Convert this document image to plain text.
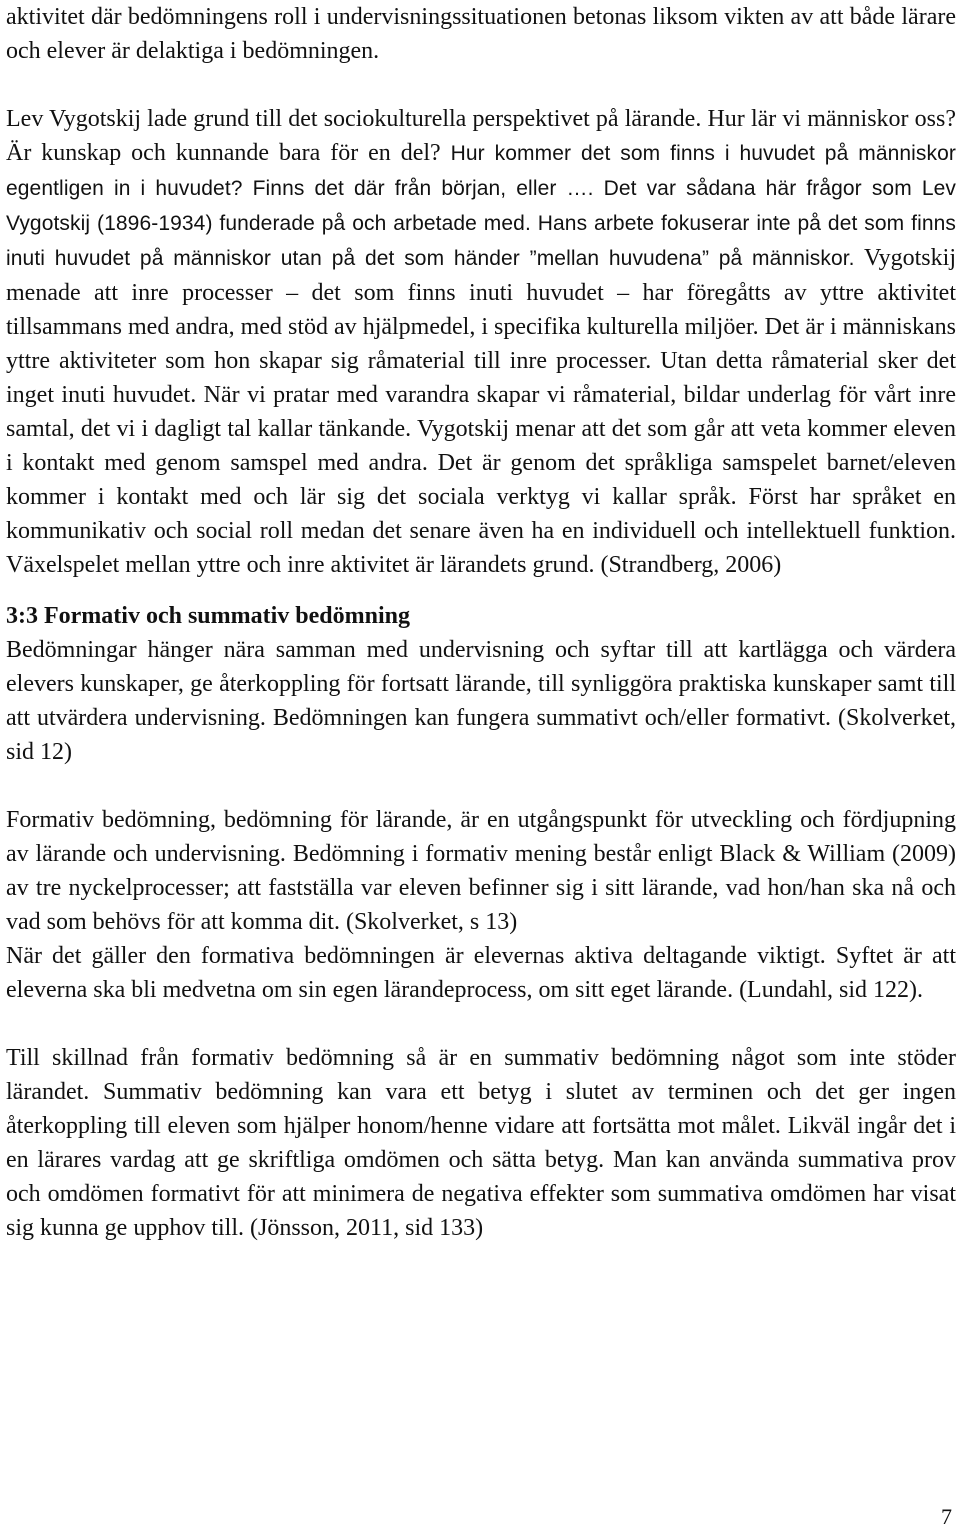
aktivitet där bedömningens roll i undervisningssituationen betonas liksom vikten av att både lärare och elever är delaktiga i bedömningen.

Lev Vygotskij lade grund till det sociokulturella perspektivet på lärande. Hur lär vi människor oss? Är kunskap och kunnande bara för en del? Hur kommer det som finns i huvudet på människor egentligen in i huvudet? Finns det där från början, eller …. Det var sådana här frågor som Lev Vygotskij (1896-1934) funderade på och arbetade med. Hans arbete fokuserar inte på det som finns inuti huvudet på människor utan på det som händer ”mellan huvudena” på människor. Vygotskij menade att inre processer – det som finns inuti huvudet – har föregåtts av yttre aktivitet tillsammans med andra, med stöd av hjälpmedel, i specifika kulturella miljöer. Det är i människans yttre aktiviteter som hon skapar sig råmaterial till inre processer. Utan detta råmaterial sker det inget inuti huvudet. När vi pratar med varandra skapar vi råmaterial, bildar underlag för vårt inre samtal, det vi i dagligt tal kallar tänkande. Vygotskij menar att det som går att veta kommer eleven i kontakt med genom samspel med andra. Det är genom det språkliga samspelet barnet/eleven kommer i kontakt med och lär sig det sociala verktyg vi kallar språk. Först har språket en kommunikativ och social roll medan det senare även ha en individuell och intellektuell funktion. Växelspelet mellan yttre och inre aktivitet är lärandets grund. (Strandberg, 2006)

3:3 Formativ och summativ bedömning

Bedömningar hänger nära samman med undervisning och syftar till att kartlägga och värdera elevers kunskaper, ge återkoppling för fortsatt lärande, till synliggöra praktiska kunskaper samt till att utvärdera undervisning. Bedömningen kan fungera summativt och/eller formativt. (Skolverket, sid 12)

Formativ bedömning, bedömning för lärande, är en utgångspunkt för utveckling och fördjupning av lärande och undervisning. Bedömning i formativ mening består enligt Black & William (2009) av tre nyckelprocesser; att fastställa var eleven befinner sig i sitt lärande, vad hon/han ska nå och vad som behövs för att komma dit. (Skolverket, s 13)

När det gäller den formativa bedömningen är elevernas aktiva deltagande viktigt. Syftet är att eleverna ska bli medvetna om sin egen lärandeprocess, om sitt eget lärande. (Lundahl, sid 122).

Till skillnad från formativ bedömning så är en summativ bedömning något som inte stöder lärandet. Summativ bedömning kan vara ett betyg i slutet av terminen och det ger ingen återkoppling till eleven som hjälper honom/henne vidare att fortsätta mot målet. Likväl ingår det i en lärares vardag att ge skriftliga omdömen och sätta betyg. Man kan använda summativa prov och omdömen formativt för att minimera de negativa effekter som summativa omdömen har visat sig kunna ge upphov till. (Jönsson, 2011, sid 133)

7
